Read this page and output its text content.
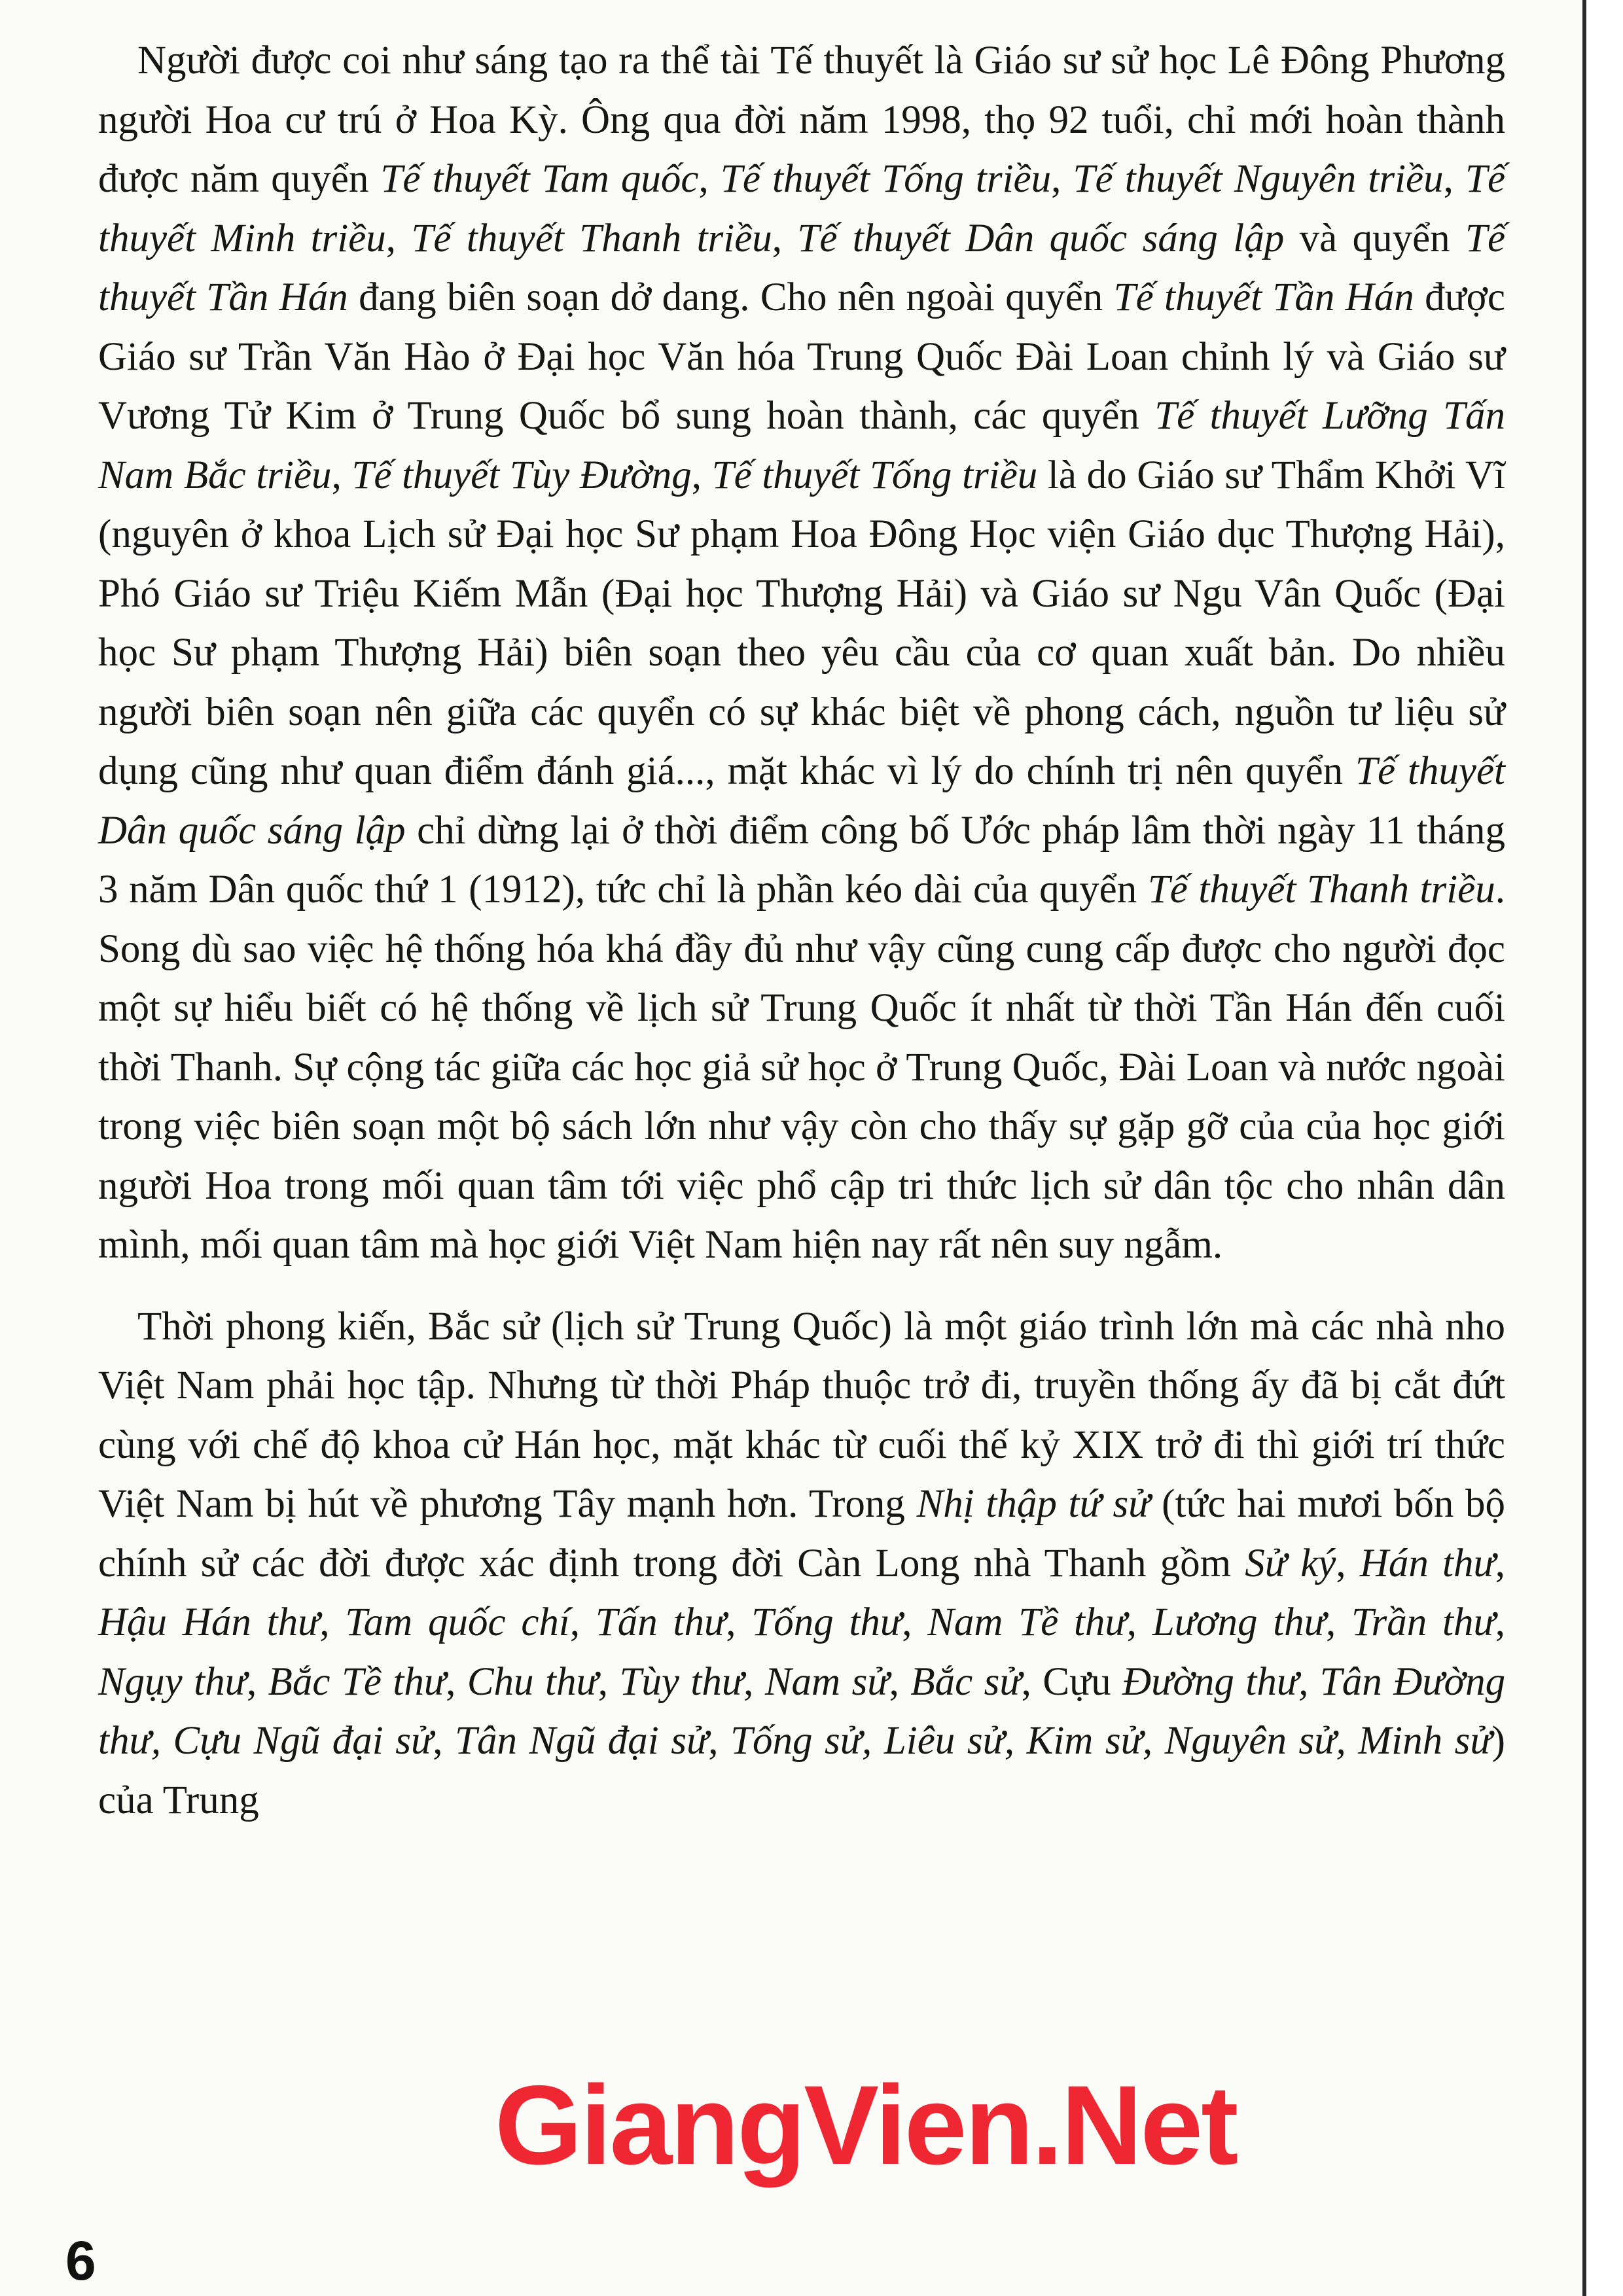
Người được coi như sáng tạo ra thể tài Tế thuyết là Giáo sư sử học Lê Đông Phương người Hoa cư trú ở Hoa Kỳ. Ông qua đời năm 1998, thọ 92 tuổi, chỉ mới hoàn thành được năm quyển Tế thuyết Tam quốc, Tế thuyết Tống triều, Tế thuyết Nguyên triều, Tế thuyết Minh triều, Tế thuyết Thanh triều, Tế thuyết Dân quốc sáng lập và quyển Tế thuyết Tần Hán đang biên soạn dở dang. Cho nên ngoài quyển Tế thuyết Tần Hán được Giáo sư Trần Văn Hào ở Đại học Văn hóa Trung Quốc Đài Loan chỉnh lý và Giáo sư Vương Tử Kim ở Trung Quốc bổ sung hoàn thành, các quyển Tế thuyết Lưỡng Tấn Nam Bắc triều, Tế thuyết Tùy Đường, Tế thuyết Tống triều là do Giáo sư Thẩm Khởi Vĩ (nguyên ở khoa Lịch sử Đại học Sư phạm Hoa Đông Học viện Giáo dục Thượng Hải), Phó Giáo sư Triệu Kiếm Mẫn (Đại học Thượng Hải) và Giáo sư Ngu Vân Quốc (Đại học Sư phạm Thượng Hải) biên soạn theo yêu cầu của cơ quan xuất bản. Do nhiều người biên soạn nên giữa các quyển có sự khác biệt về phong cách, nguồn tư liệu sử dụng cũng như quan điểm đánh giá..., mặt khác vì lý do chính trị nên quyển Tế thuyết Dân quốc sáng lập chỉ dừng lại ở thời điểm công bố Ước pháp lâm thời ngày 11 tháng 3 năm Dân quốc thứ 1 (1912), tức chỉ là phần kéo dài của quyển Tế thuyết Thanh triều. Song dù sao việc hệ thống hóa khá đầy đủ như vậy cũng cung cấp được cho người đọc một sự hiểu biết có hệ thống về lịch sử Trung Quốc ít nhất từ thời Tần Hán đến cuối thời Thanh. Sự cộng tác giữa các học giả sử học ở Trung Quốc, Đài Loan và nước ngoài trong việc biên soạn một bộ sách lớn như vậy còn cho thấy sự gặp gỡ của của học giới người Hoa trong mối quan tâm tới việc phổ cập tri thức lịch sử dân tộc cho nhân dân mình, mối quan tâm mà học giới Việt Nam hiện nay rất nên suy ngẫm.

Thời phong kiến, Bắc sử (lịch sử Trung Quốc) là một giáo trình lớn mà các nhà nho Việt Nam phải học tập. Nhưng từ thời Pháp thuộc trở đi, truyền thống ấy đã bị cắt đứt cùng với chế độ khoa cử Hán học, mặt khác từ cuối thế kỷ XIX trở đi thì giới trí thức Việt Nam bị hút về phương Tây mạnh hơn. Trong Nhị thập tứ sử (tức hai mươi bốn bộ chính sử các đời được xác định trong đời Càn Long nhà Thanh gồm Sử ký, Hán thư, Hậu Hán thư, Tam quốc chí, Tấn thư, Tống thư, Nam Tề thư, Lương thư, Trần thư, Ngụy thư, Bắc Tề thư, Chu thư, Tùy thư, Nam sử, Bắc sử, Cựu Đường thư, Tân Đường thư, Cựu Ngũ đại sử, Tân Ngũ đại sử, Tống sử, Liêu sử, Kim sử, Nguyên sử, Minh sử) của Trung

GiangVien.Net
6
